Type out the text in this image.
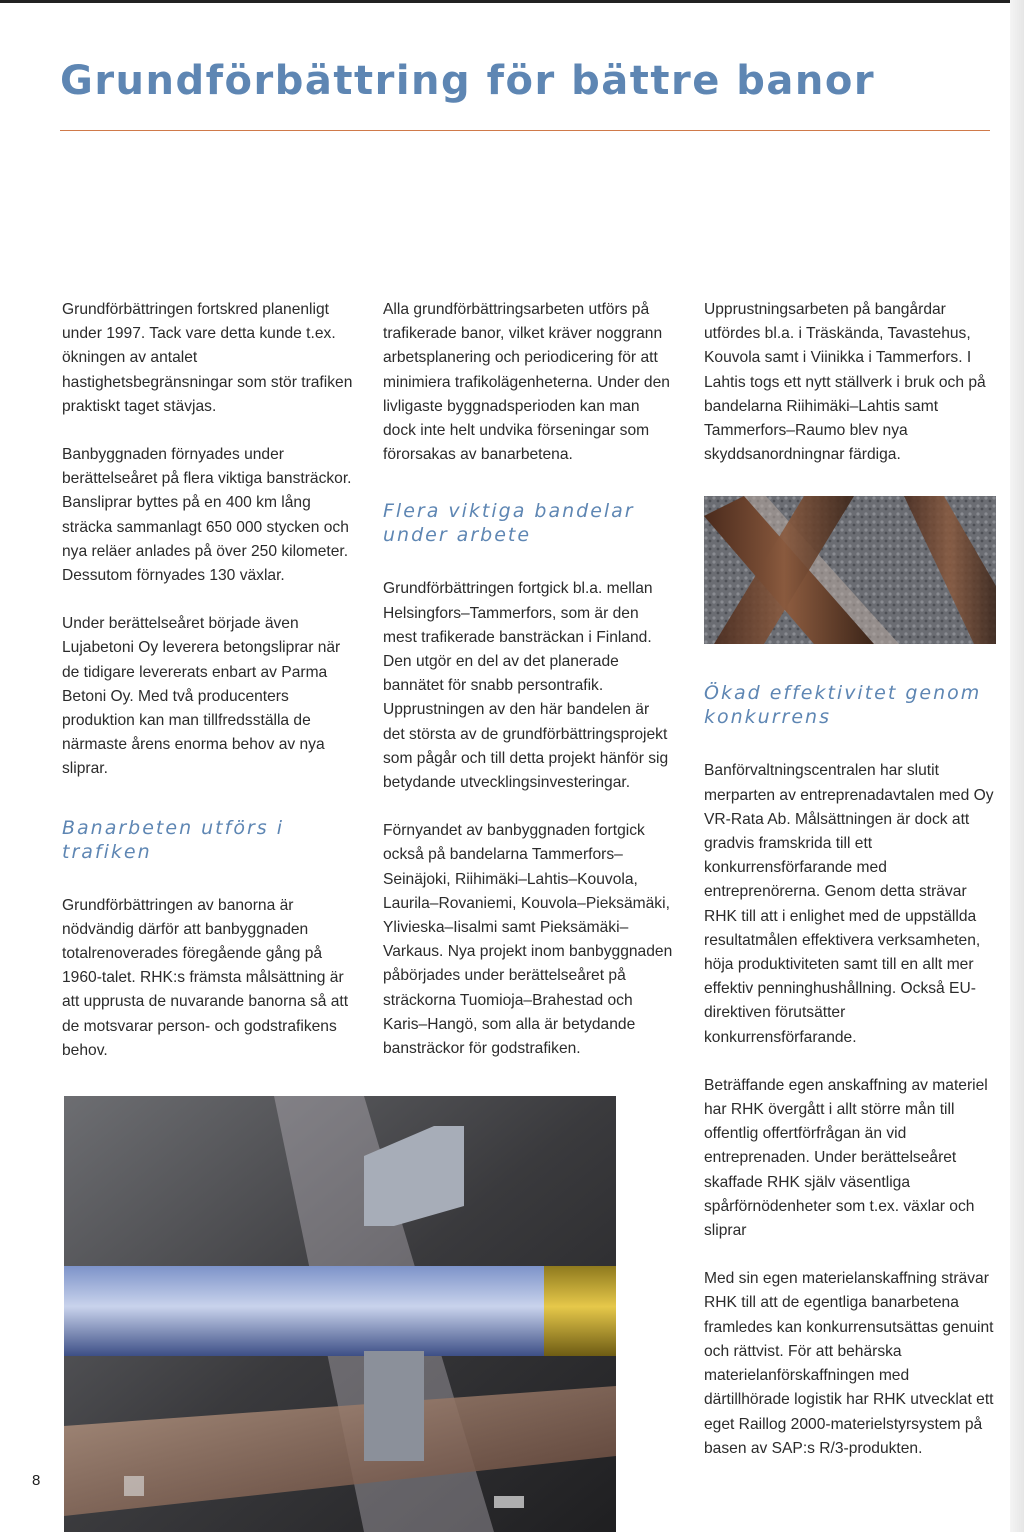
Grundförbättring för bättre banor

Grundförbättringen fortskred planenligt under 1997. Tack vare detta kunde t.ex. ökningen av antalet hastighetsbegränsningar som stör trafiken praktiskt taget stävjas.

Banbyggnaden förnyades under berättelseåret på flera viktiga bansträckor. Bansliprar byttes på en 400 km lång sträcka sammanlagt 650 000 stycken och nya reläer anlades på över 250 kilometer. Dessutom förnyades 130 växlar.

Under berättelseåret började även Lujabetoni Oy leverera betongsliprar när de tidigare levererats enbart av Parma Betoni Oy. Med två producenters produktion kan man tillfredsställa de närmaste årens enorma behov av nya sliprar.

Banarbeten utförs i trafiken

Grundförbättringen av banorna är nödvändig därför att banbyggnaden totalrenoverades föregående gång på 1960-talet. RHK:s främsta målsättning är att upprusta de nuvarande banorna så att de motsvarar person- och godstrafikens behov.

Alla grundförbättringsarbeten utförs på trafikerade banor, vilket kräver noggrann arbetsplanering och periodicering för att minimiera trafikolägenheterna. Under den livligaste byggnadsperioden kan man dock inte helt undvika förseningar som förorsakas av banarbetena.

Flera viktiga bandelar under arbete

Grundförbättringen fortgick bl.a. mellan Helsingfors–Tammerfors, som är den mest trafikerade bansträckan i Finland. Den utgör en del av det planerade bannätet för snabb persontrafik. Upprustningen av den här bandelen är det största av de grundförbättringsprojekt som pågår och till detta projekt hänför sig betydande utvecklingsinvesteringar.

Förnyandet av banbyggnaden fortgick också på bandelarna Tammerfors–Seinäjoki, Riihimäki–Lahtis–Kouvola, Laurila–Rovaniemi, Kouvola–Pieksämäki, Ylivieska–Iisalmi samt Pieksämäki–Varkaus. Nya projekt inom banbyggnaden påbörjades under berättelseåret på sträckorna Tuomioja–Brahestad och Karis–Hangö, som alla är betydande bansträckor för godstrafiken.

Upprustningsarbeten på bangårdar utfördes bl.a. i Träskända, Tavastehus, Kouvola samt i Viinikka i Tammerfors. I Lahtis togs ett nytt ställverk i bruk och på bandelarna Riihimäki–Lahtis samt Tammerfors–Raumo blev nya skyddsanordningnar färdiga.

Ökad effektivitet genom konkurrens

Banförvaltningscentralen har slutit merparten av entreprenadavtalen med Oy VR-Rata Ab. Målsättningen är dock att gradvis framskrida till ett konkurrensförfarande med entreprenörerna. Genom detta strävar RHK till att i enlighet med de uppställda resultatmålen effektivera verksamheten, höja produktiviteten samt till en allt mer effektiv penninghushållning. Också EU-direktiven förutsätter konkurrensförfarande.

Beträffande egen anskaffning av materiel har RHK övergått i allt större mån till offentlig offertförfrågan än vid entreprenaden. Under berättelseåret skaffade RHK själv väsentliga spårförnödenheter som t.ex. växlar och sliprar

Med sin egen materielanskaffning strävar RHK till att de egentliga banarbetena framledes kan konkurrensutsättas genuint och rättvist. För att behärska materielanförskaffningen med därtillhörade logistik har RHK utvecklat ett eget Raillog 2000-materielstyrsystem på basen av SAP:s R/3-produkten.

8
